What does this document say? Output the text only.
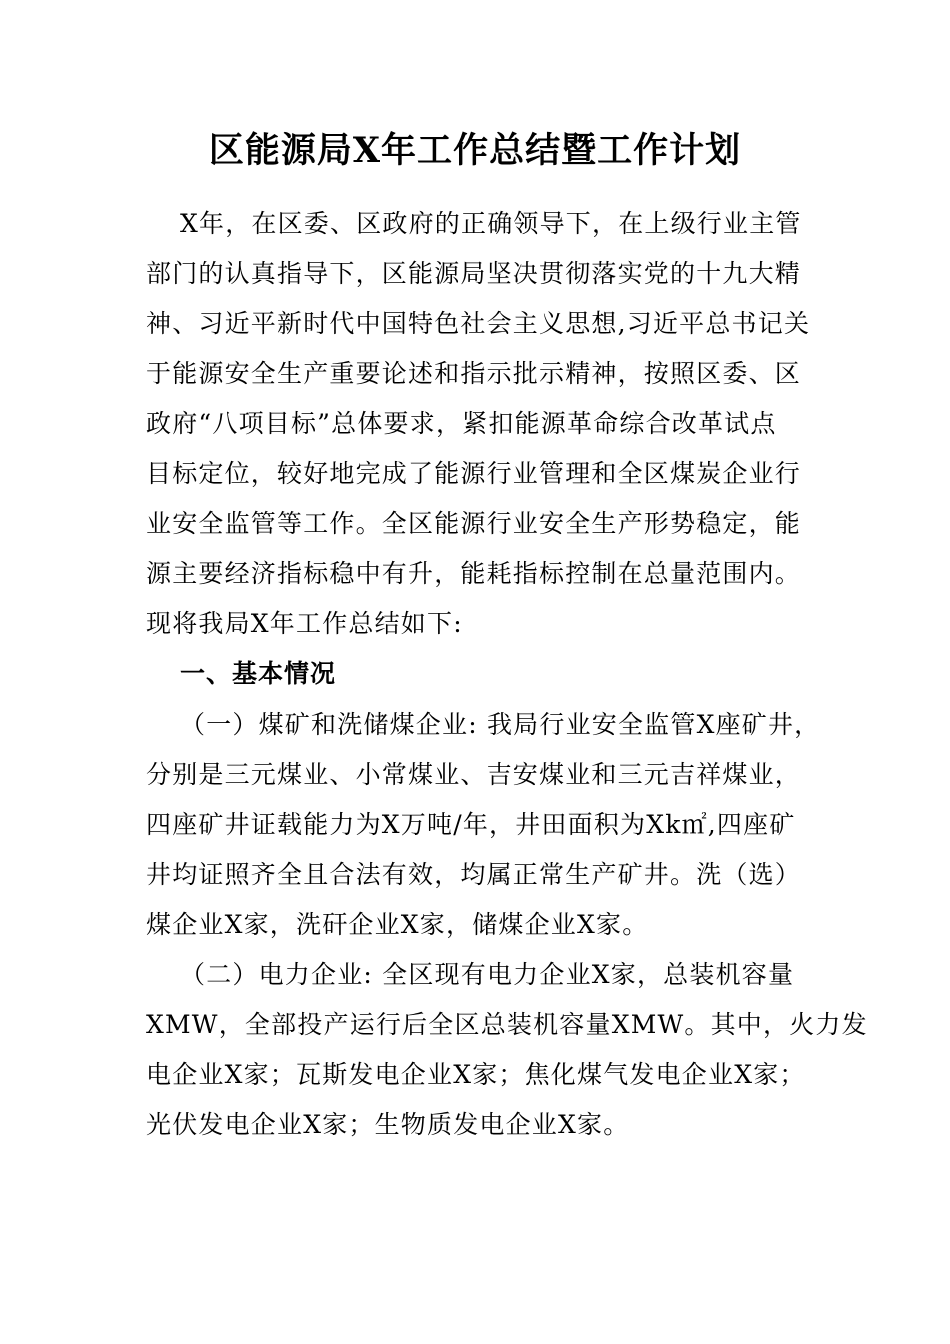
区能源局X年工作总结暨工作计划
X年，在区委、区政府的正确领导下，在上级行业主管
部门的认真指导下，区能源局坚决贯彻落实党的十九大精
神、习近平新时代中国特色社会主义思想,习近平总书记关
于能源安全生产重要论述和指示批示精神，按照区委、区
政府“八项目标”总体要求，紧扣能源革命综合改革试点
目标定位，较好地完成了能源行业管理和全区煤炭企业行
业安全监管等工作。全区能源行业安全生产形势稳定，能
源主要经济指标稳中有升，能耗指标控制在总量范围内。
现将我局X年工作总结如下:
一、基本情况
（一）煤矿和洗储煤企业: 我局行业安全监管X座矿井，
分别是三元煤业、小常煤业、吉安煤业和三元吉祥煤业，
四座矿井证载能力为X万吨/年，井田面积为Xk㎡,四座矿
井均证照齐全且合法有效，均属正常生产矿井。洗（选）
煤企业X家，洗矸企业X家，储煤企业X家。
（二）电力企业: 全区现有电力企业X家，总装机容量
XMW，全部投产运行后全区总装机容量XMW。其中，火力发
电企业X家；瓦斯发电企业X家；焦化煤气发电企业X家；
光伏发电企业X家；生物质发电企业X家。
